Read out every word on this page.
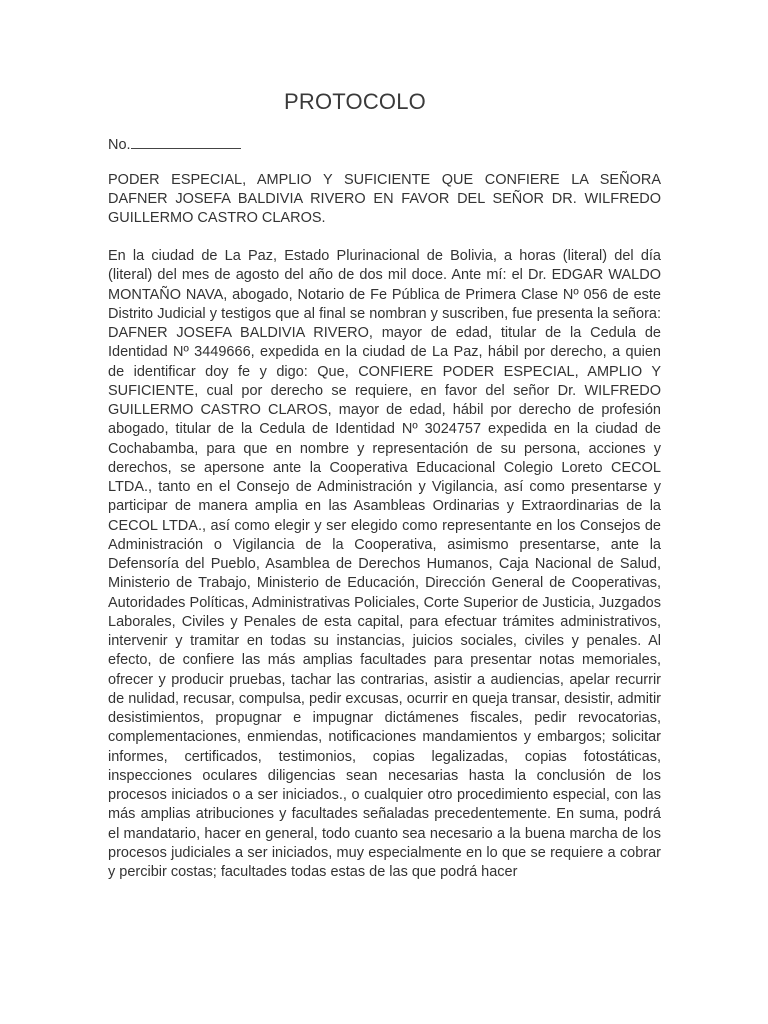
PROTOCOLO
No.
PODER ESPECIAL, AMPLIO Y SUFICIENTE QUE CONFIERE LA SEÑORA DAFNER JOSEFA BALDIVIA RIVERO EN FAVOR DEL SEÑOR DR. WILFREDO GUILLERMO CASTRO CLAROS.
En la ciudad de La Paz, Estado Plurinacional de Bolivia, a horas (literal) del día (literal) del mes de agosto del año de dos mil doce. Ante mí: el Dr. EDGAR WALDO MONTAÑO NAVA, abogado, Notario de Fe Pública de Primera Clase Nº 056 de este Distrito Judicial y testigos que al final se nombran y suscriben, fue presenta la señora: DAFNER JOSEFA BALDIVIA RIVERO, mayor de edad, titular de la Cedula de Identidad Nº 3449666, expedida en la ciudad de La Paz, hábil por derecho, a quien de identificar doy fe y digo: Que, CONFIERE PODER ESPECIAL, AMPLIO Y SUFICIENTE, cual por derecho se requiere, en favor del señor Dr. WILFREDO GUILLERMO CASTRO CLAROS, mayor de edad, hábil por derecho de profesión abogado, titular de la Cedula de Identidad Nº 3024757 expedida en la ciudad de Cochabamba, para que en nombre y representación de su persona, acciones y derechos, se apersone ante la Cooperativa Educacional Colegio Loreto CECOL LTDA., tanto en el Consejo de Administración y Vigilancia, así como presentarse y participar de manera amplia en las Asambleas Ordinarias y Extraordinarias de la CECOL LTDA., así como elegir y ser elegido como representante en los Consejos de Administración o Vigilancia de la Cooperativa, asimismo presentarse, ante la Defensoría del Pueblo, Asamblea de Derechos Humanos, Caja Nacional de Salud, Ministerio de Trabajo, Ministerio de Educación, Dirección General de Cooperativas, Autoridades Políticas, Administrativas Policiales, Corte Superior de Justicia, Juzgados Laborales, Civiles y Penales de esta capital, para efectuar trámites administrativos, intervenir y tramitar en todas su instancias, juicios sociales, civiles y penales. Al efecto, de confiere las más amplias facultades para presentar notas memoriales, ofrecer y producir pruebas, tachar las contrarias, asistir a audiencias, apelar recurrir de nulidad, recusar, compulsa, pedir excusas, ocurrir en queja transar, desistir, admitir desistimientos, propugnar e impugnar dictámenes fiscales, pedir revocatorias, complementaciones, enmiendas, notificaciones mandamientos y embargos; solicitar informes, certificados, testimonios, copias legalizadas, copias fotostáticas, inspecciones oculares diligencias sean necesarias hasta la conclusión de los procesos iniciados o a ser iniciados., o cualquier otro procedimiento especial, con las más amplias atribuciones y facultades señaladas precedentemente. En suma, podrá el mandatario, hacer en general, todo cuanto sea necesario a la buena marcha de los procesos judiciales a ser iniciados, muy especialmente en lo que se requiere a cobrar y percibir costas; facultades todas estas de las que podrá hacer
